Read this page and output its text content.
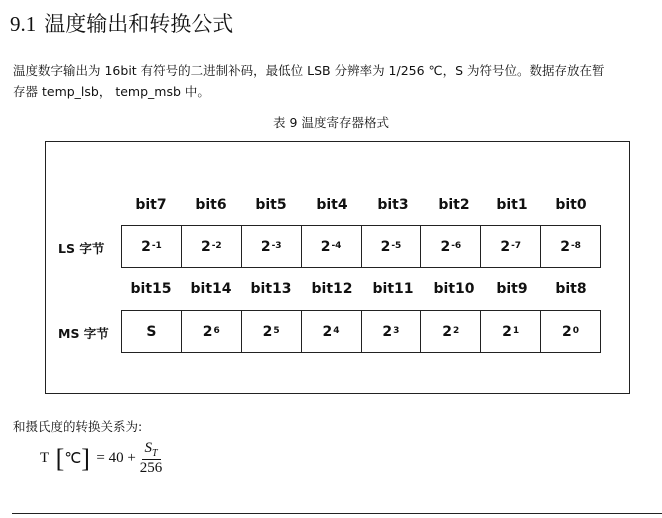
9.1 温度输出和转换公式
温度数字输出为 16bit 有符号的二进制补码，最低位 LSB 分辨率为 1/256 ℃，S 为符号位。数据存放在暂
存器 temp_lsb， temp_msb 中。
表 9 温度寄存器格式
bit7	bit6	bit5	bit4	bit3	bit2	bit1	bit0
LS 字节	$2^{-1}$	$2^{-2}$	$2^{-3}$	$2^{-4}$	$2^{-5}$	$2^{-6}$	$2^{-7}$	$2^{-8}$
bit15	bit14	bit13	bit12	bit11	bit10	bit9	bit8
MS 字节	S	$2^6$	$2^5$	$2^4$	$2^3$	$2^2$	$2^1$	$2^0$
和摄氏度的转换关系为:
T [ ℃ ] = $40 + \frac{S_T}{256}$
